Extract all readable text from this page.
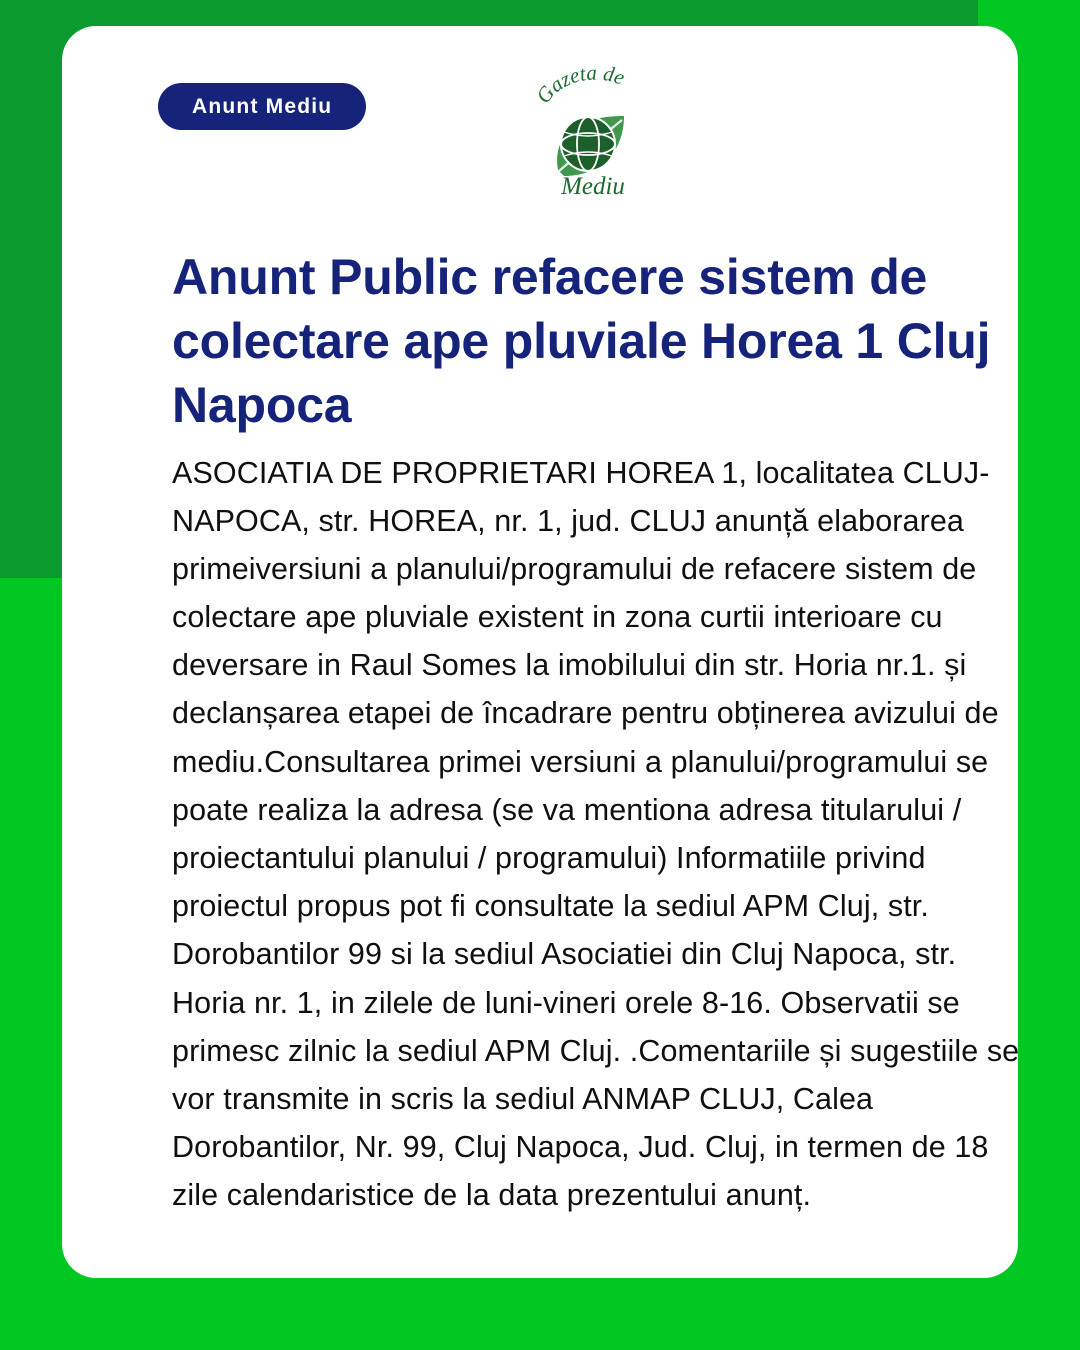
Anunt Mediu	Gazeta de
Mediu
Anunt Public refacere sistem de colectare ape pluviale Horea 1 Cluj Napoca

ASOCIATIA DE PROPRIETARI HOREA 1, localitatea CLUJ-NAPOCA, str. HOREA, nr. 1, jud. CLUJ anunță elaborarea primeiversiuni a planului/programului de refacere sistem de colectare ape pluviale existent in zona curtii interioare cu deversare in Raul Somes la imobilului din str. Horia nr.1. și declanșarea etapei de încadrare pentru obținerea avizului de mediu.Consultarea primei versiuni a planului/programului se poate realiza la adresa (se va mentiona adresa titularului / proiectantului planului / programului) Informatiile privind proiectul propus pot fi consultate la sediul APM Cluj, str. Dorobantilor 99 si la sediul Asociatiei din Cluj Napoca, str. Horia nr. 1, in zilele de luni-vineri orele 8-16. Observatii se primesc zilnic la sediul APM Cluj. .Comentariile și sugestiile se vor transmite in scris la sediul ANMAP CLUJ, Calea Dorobantilor, Nr. 99, Cluj Napoca, Jud. Cluj, in termen de 18 zile calendaristice de la data prezentului anunț.
